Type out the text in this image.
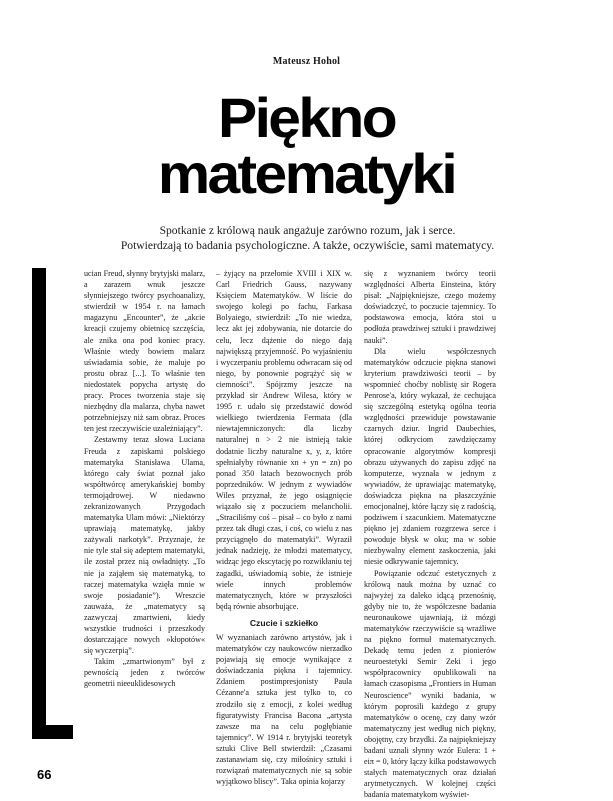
Mateusz Hohol
Piękno
matematyki
Spotkanie z królową nauk angażuje zarówno rozum, jak i serce.
Potwierdzają to badania psychologiczne. A także, oczywiście, sami matematycy.

ucian Freud, słynny brytyjski malarz, a zarazem wnuk jeszcze słynniejszego twórcy psychoanalizy, stwierdził w 1954 r. na łamach magazynu „Encounter”, że „akcie kreacji czujemy obietnicę szczęścia, ale znika ona pod koniec pracy. Właśnie wtedy bowiem malarz uświadamia sobie, że maluje po prostu obraz [...]. To właśnie ten niedostatek popycha artystę do pracy. Proces tworzenia staje się niezbędny dla malarza, chyba nawet potrzebniejszy niż sam obraz. Proces ten jest rzeczywiście uzależniający”.

Zestawmy teraz słowa Luciana Freuda z zapiskami polskiego matematyka Stanisława Ulama, którego cały świat poznał jako współtwórcę amerykańskiej bomby termojądrowej. W niedawno zekranizowanych Przygodach matematyka Ulam mówi: „Niektórzy uprawiają matematykę, jakby zażywali narkotyk”. Przyznaje, że nie tyle stał się adeptem matematyki, ile został przez nią owładnięty. „To nie ja zająłem się matematyką, to raczej matematyka wzięła mnie w swoje posiadanie”). Wreszcie zauważa, że „matematycy są zazwyczaj zmartwieni, kiedy wszystkie trudności i przeszkody dostarczające nowych »kłopotów« się wyczerpią”.

Takim „zmartwionym” był z pewnością jeden z twórców geometrii nieeuklidesowych

– żyjący na przełomie XVIII i XIX w. Carl Friedrich Gauss, nazywany Księciem Matematyków. W liście do swojego kolegi po fachu, Farkasa Bolyaiego, stwierdził: „To nie wiedza, lecz akt jej zdobywania, nie dotarcie do celu, lecz dążenie do niego dają największą przyjemność. Po wyjaśnieniu i wyczerpaniu problemu odwracam się od niego, by ponownie pogrążyć się w ciemności”. Spójrzmy jeszcze na przykład sir Andrew Wilesa, który w 1995 r. udało się przedstawić dowód wielkiego twierdzenia Fermata (dla niewtajemniczonych: dla liczby naturalnej n > 2 nie istnieją takie dodatnie liczby naturalne x, y, z, które spełniałyby równanie xn + yn = zn) po ponad 350 latach bezowocnych prób poprzedników. W jednym z wywiadów Wiles przyznał, że jego osiągnięcie wiązało się z poczuciem melancholii. „Straciliśmy coś – pisał – co było z nami przez tak długi czas, i coś, co wielu z nas przyciągnęło do matematyki”. Wyraził jednak nadzieję, że młodzi matematycy, widząc jego ekscytację po rozwikłaniu tej zagadki, uświadomią sobie, że istnieje wiele innych problemów matematycznych, które w przyszłości będą równie absorbujące.

Czucie i szkiełko

W wyznaniach zarówno artystów, jak i matematyków czy naukowców nierzadko pojawiają się emocje wynikające z doświadczania piękna i tajemnicy. Zdaniem postimpresjonisty Paula Cézanne'a sztuka jest tylko to, co zrodziło się z emocji, z kolei według figuratywisty Francisa Bacona „artysta zawsze ma na celu pogłębianie tajemnicy”. W 1914 r. brytyjski teoretyk sztuki Clive Bell stwierdził: „Czasami zastanawiam się, czy miłośnicy sztuki i rozwiązań matematycznych nie są sobie wyjątkowo bliscy”. Taka opinia kojarzy

się z wyznaniem twórcy teorii względności Alberta Einsteina, który pisał: „Najpiękniejsze, czego możemy doświadczyć, to poczucie tajemnicy. To podstawowa emocja, która stoi u podłoża prawdziwej sztuki i prawdziwej nauki”.

Dla wielu współczesnych matematyków odczucie piękna stanowi kryterium prawdziwości teorii – by wspomnieć choćby noblistę sir Rogera Penrose'a, który wykazał, że cechująca się szczególną estetyką ogólna teoria względności przewiduje powstawanie czarnych dziur. Ingrid Daubechies, której odkryciom zawdzięczamy opracowanie algorytmów kompresji obrazu używanych do zapisu zdjęć na komputerze, wyznała w jednym z wywiadów, że uprawiając matematykę, doświadcza piękna na płaszczyźnie emocjonalnej, które łączy się z radością, podziwem i szacunkiem. Matematyczne piękno jej zdaniem rozgrzewa serce i powoduje błysk w oku; ma w sobie niezbywalny element zaskoczenia, jaki niesie odkrywanie tajemnicy.

Powiązanie odczuć estetycznych z królową nauk można by uznać co najwyżej za daleko idącą przenośnię, gdyby nie to, że współczesne badania neuronaukowe ujawniają, iż mózgi matematyków rzeczywiście są wrażliwe na piękno formuł matematycznych. Dekadę temu jeden z pionierów neuroestetyki Semir Zeki i jego współpracownicy opublikowali na łamach czasopisma „Frontiers in Human Neuroscience” wyniki badania, w którym poprosili każdego z grupy matematyków o ocenę, czy dany wzór matematyczny jest według nich piękny, obojętny, czy brzydki. Za najpiękniejszy badani uznali słynny wzór Eulera: 1 + eiπ = 0, który łączy kilka podstawowych stałych matematycznych oraz działań arytmetycznych. W kolejnej części badania matematykom wyświet-

66
